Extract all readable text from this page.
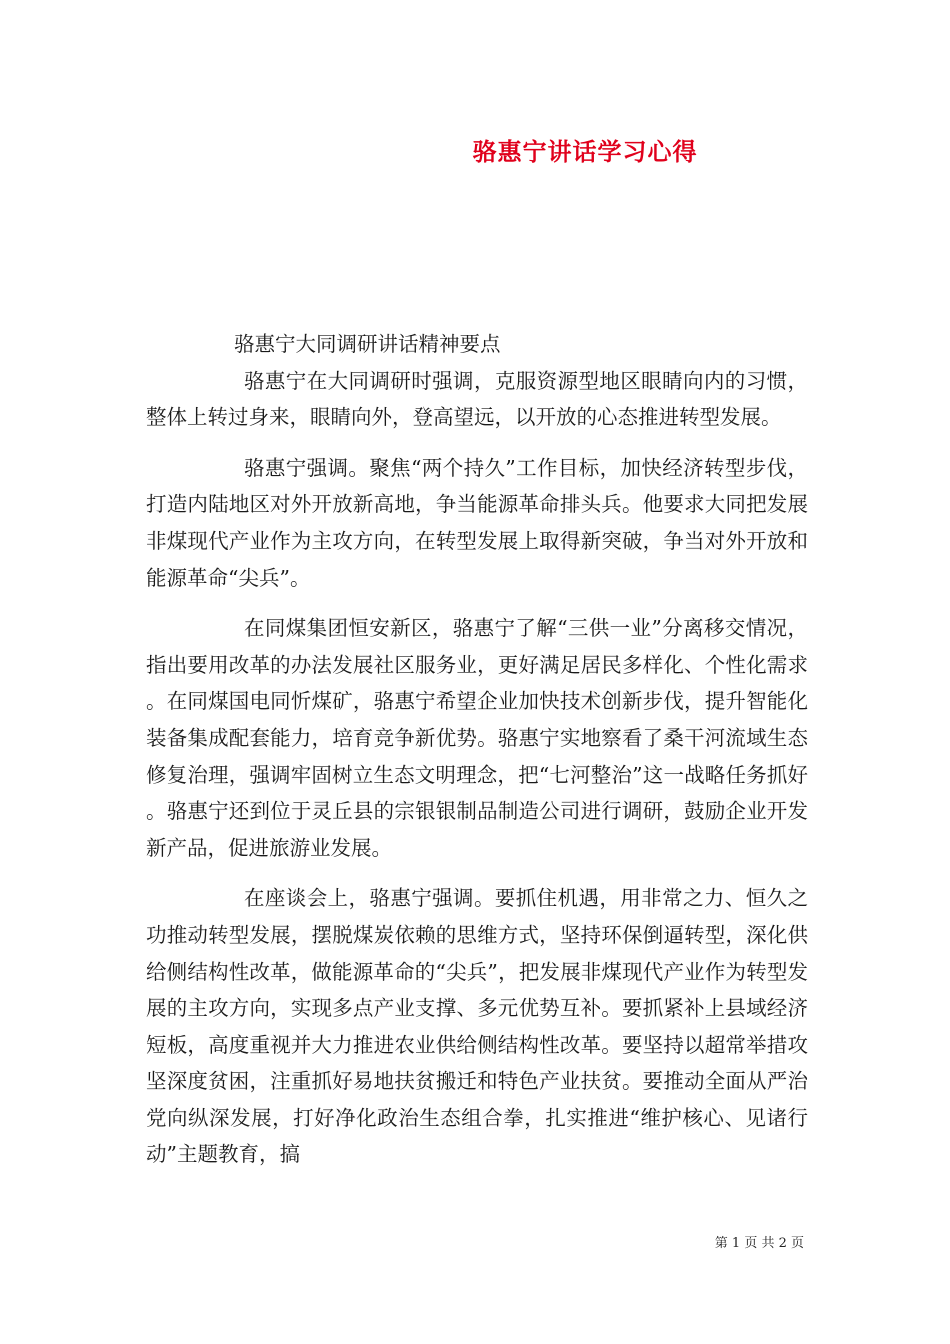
骆惠宁讲话学习心得

骆惠宁大同调研讲话精神要点

骆惠宁在大同调研时强调，克服资源型地区眼睛向内的习惯，整体上转过身来，眼睛向外，登高望远，以开放的心态推进转型发展。

骆惠宁强调。聚焦“两个持久”工作目标，加快经济转型步伐，打造内陆地区对外开放新高地，争当能源革命排头兵。他要求大同把发展非煤现代产业作为主攻方向，在转型发展上取得新突破，争当对外开放和能源革命“尖兵”。

在同煤集团恒安新区，骆惠宁了解“三供一业”分离移交情况，指出要用改革的办法发展社区服务业，更好满足居民多样化、个性化需求。在同煤国电同忻煤矿，骆惠宁希望企业加快技术创新步伐，提升智能化装备集成配套能力，培育竞争新优势。骆惠宁实地察看了桑干河流域生态修复治理，强调牢固树立生态文明理念，把“七河整治”这一战略任务抓好。骆惠宁还到位于灵丘县的宗银银制品制造公司进行调研，鼓励企业开发新产品，促进旅游业发展。

在座谈会上，骆惠宁强调。要抓住机遇，用非常之力、恒久之功推动转型发展，摆脱煤炭依赖的思维方式，坚持环保倒逼转型，深化供给侧结构性改革，做能源革命的“尖兵”，把发展非煤现代产业作为转型发展的主攻方向，实现多点产业支撑、多元优势互补。要抓紧补上县域经济短板，高度重视并大力推进农业供给侧结构性改革。要坚持以超常举措攻坚深度贫困，注重抓好易地扶贫搬迁和特色产业扶贫。要推动全面从严治党向纵深发展，打好净化政治生态组合拳，扎实推进“维护核心、见诸行动”主题教育，搞

第 1 页 共 2 页
